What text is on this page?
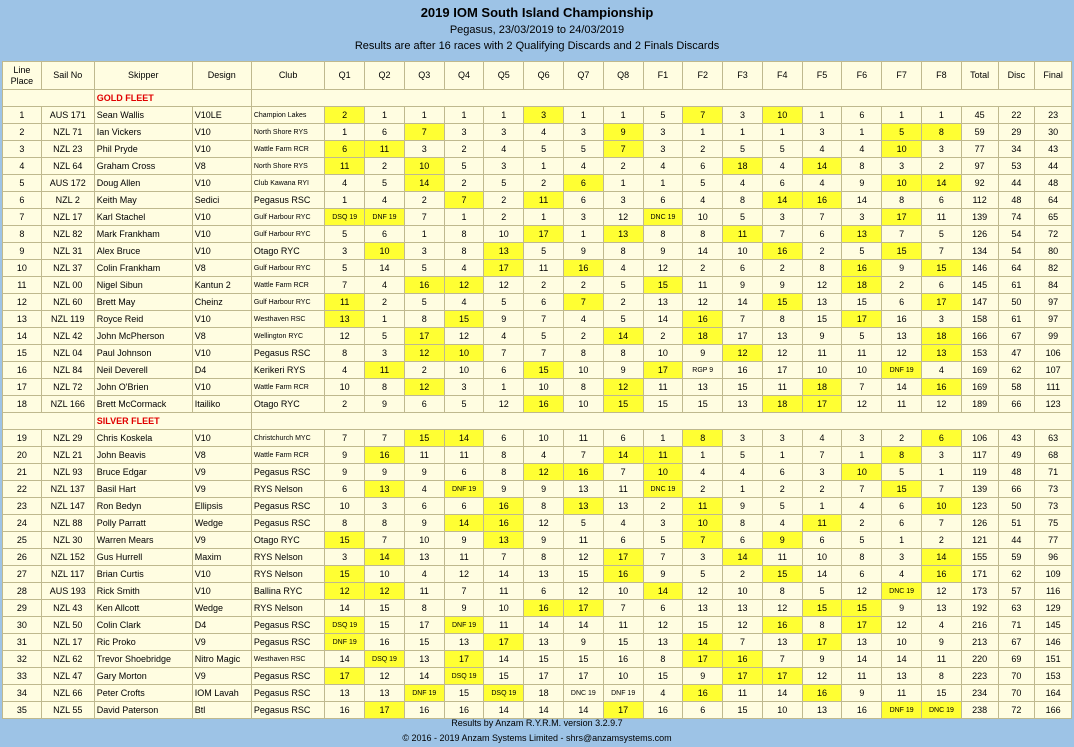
2019 IOM South Island Championship
Pegasus, 23/03/2019 to 24/03/2019
Results are after 16 races with 2 Qualifying Discards and 2 Finals Discards
Line Place	Sail No	Skipper	Design	Club	Q1	Q2	Q3	Q4	Q5	Q6	Q7	Q8	F1	F2	F3	F4	F5	F6	F7	F8	Total	Disc	Final
		GOLD FLEET																					
1	AUS 171	Sean Wallis	V10LE	Champion Lakes	2	1	1	1	1	3	1	1	5	7	3	10	1	6	1	1	45	22	23
2	NZL 71	Ian Vickers	V10	North Shore RYS	1	6	7	3	3	4	3	9	3	1	1	1	3	1	5	8	59	29	30
3	NZL 23	Phil Pryde	V10	Wattle Farm RCR	6	11	3	2	4	5	5	7	3	2	5	5	4	4	10	3	77	34	43
4	NZL 64	Graham Cross	V8	North Shore RYS	11	2	10	5	3	1	4	2	4	6	18	4	14	8	3	2	97	53	44
5	AUS 172	Doug Allen	V10	Club Kawana RYI	4	5	14	2	5	2	6	1	1	5	4	6	4	9	10	14	92	44	48
6	NZL 2	Keith May	Sedici	Pegasus RSC	1	4	2	7	2	11	6	3	6	4	8	14	16	14	8	6	112	48	64
7	NZL 17	Karl Stachel	V10	Gulf Harbour RYC	DSQ 19	DNF 19	7	1	2	1	3	12	DNC 19	10	5	3	7	3	17	11	139	74	65
8	NZL 82	Mark Frankham	V10	Gulf Harbour RYC	5	6	1	8	10	17	1	13	8	8	11	7	6	13	7	5	126	54	72
9	NZL 31	Alex Bruce	V10	Otago RYC	3	10	3	8	13	5	9	8	9	14	10	16	2	5	15	7	134	54	80
10	NZL 37	Colin Frankham	V8	Gulf Harbour RYC	5	14	5	4	17	11	16	4	12	2	6	2	8	16	9	15	146	64	82
11	NZL 00	Nigel Sibun	Kantun 2	Wattle Farm RCR	7	4	16	12	12	2	2	5	15	11	9	9	12	18	2	6	145	61	84
12	NZL 60	Brett May	Cheinz	Gulf Harbour RYC	11	2	5	4	5	6	7	2	13	12	14	15	13	15	6	17	147	50	97
13	NZL 119	Royce Reid	V10	Westhaven RSC	13	1	8	15	9	7	4	5	14	16	7	8	15	17	16	3	158	61	97
14	NZL 42	John McPherson	V8	Wellington RYC	12	5	17	12	4	5	2	14	2	18	17	13	9	5	13	18	166	67	99
15	NZL 04	Paul Johnson	V10	Pegasus RSC	8	3	12	10	7	7	8	8	10	9	12	12	11	11	12	13	153	47	106
16	NZL 84	Neil Deverell	D4	Kerikeri RYS	4	11	2	10	6	15	10	9	17	RGP 9	16	17	10	10	DNF 19	4	169	62	107
17	NZL 72	John O'Brien	V10	Wattle Farm RCR	10	8	12	3	1	10	8	12	11	13	15	11	18	7	14	16	169	58	111
18	NZL 166	Brett McCormack	Itailiko	Otago RYC	2	9	6	5	12	16	10	15	15	15	13	18	17	12	11	12	189	66	123
		SILVER FLEET																					
19	NZL 29	Chris Koskela	V10	Christchurch MYC	7	7	15	14	6	10	11	6	1	8	3	3	4	3	2	6	106	43	63
20	NZL 21	John Beavis	V8	Wattle Farm RCR	9	16	11	11	8	4	7	14	11	1	5	1	7	1	8	3	117	49	68
21	NZL 93	Bruce Edgar	V9	Pegasus RSC	9	9	9	6	8	12	16	7	10	4	4	6	3	10	5	1	119	48	71
22	NZL 137	Basil Hart	V9	RYS Nelson	6	13	4	DNF 19	9	9	13	11	DNC 19	2	1	2	2	7	15	7	139	66	73
23	NZL 147	Ron Bedyn	Ellipsis	Pegasus RSC	10	3	6	6	16	8	13	13	2	11	9	5	1	4	6	10	123	50	73
24	NZL 88	Polly Parratt	Wedge	Pegasus RSC	8	8	9	14	16	12	5	4	3	10	8	4	11	2	6	7	126	51	75
25	NZL 30	Warren Mears	V9	Otago RYC	15	7	10	9	13	9	11	6	5	7	6	9	6	5	1	2	121	44	77
26	NZL 152	Gus Hurrell	Maxim	RYS Nelson	3	14	13	11	7	8	12	17	7	3	14	11	10	8	3	14	155	59	96
27	NZL 117	Brian Curtis	V10	RYS Nelson	15	10	4	12	14	13	15	16	9	5	2	15	14	6	4	16	171	62	109
28	AUS 193	Rick Smith	V10	Ballina RYC	12	12	11	7	11	6	12	10	14	12	10	8	5	12	DNC 19	12	173	57	116
29	NZL 43	Ken Allcott	Wedge	RYS Nelson	14	15	8	9	10	16	17	7	6	13	13	12	15	15	9	13	192	63	129
30	NZL 50	Colin Clark	D4	Pegasus RSC	DSQ 19	15	17	DNF 19	11	14	14	11	12	15	12	16	8	17	12	4	216	71	145
31	NZL 17	Ric Proko	V9	Pegasus RSC	DNF 19	16	15	13	17	13	9	15	13	14	7	13	17	13	10	9	213	67	146
32	NZL 62	Trevor Shoebridge	Nitro Magic	Westhaven RSC	14	DSQ 19	13	17	14	15	15	16	8	17	16	7	9	14	14	11	220	69	151
33	NZL 47	Gary Morton	V9	Pegasus RSC	17	12	14	DSQ 19	15	17	17	10	15	9	17	17	12	11	13	8	223	70	153
34	NZL 66	Peter Crofts	IOM Lavah	Pegasus RSC	13	13	DNF 19	15	DSQ 19	18	DNC 19	DNF 19	4	16	11	14	16	9	11	15	234	70	164
35	NZL 55	David Paterson	Btl	Pegasus RSC	16	17	16	16	14	14	14	17	16	6	15	10	13	16	DNF 19	DNC 19	238	72	166
Results by Anzam R.Y.R.M. version 3.2.9.7
© 2016 - 2019 Anzam Systems Limited - shrs@anzamsystems.com
